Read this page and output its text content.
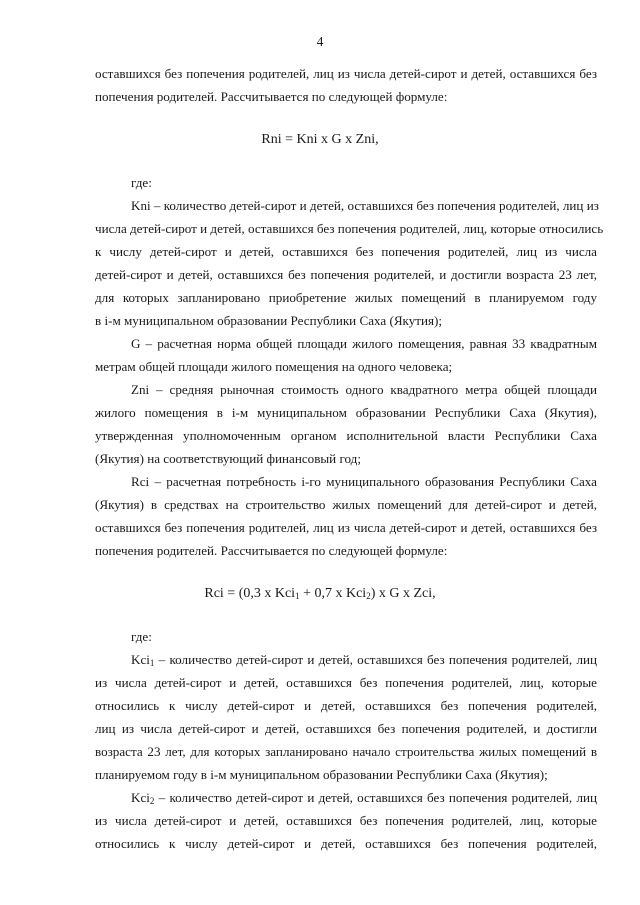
4
оставшихся без попечения родителей, лиц из числа детей-сирот и детей, оставшихся без
попечения родителей. Рассчитывается по следующей формуле:
Rni = Kni x G x Zni,
где:
Kni – количество детей-сирот и детей, оставшихся без попечения родителей, лиц из
числа детей-сирот и детей, оставшихся без попечения родителей, лиц, которые относились
к числу детей-сирот и детей, оставшихся без попечения родителей, лиц из числа
детей-сирот и детей, оставшихся без попечения родителей, и достигли возраста 23 лет,
для которых запланировано приобретение жилых помещений в планируемом году
в i-м муниципальном образовании Республики Саха (Якутия);
G – расчетная норма общей площади жилого помещения, равная 33 квадратным
метрам общей площади жилого помещения на одного человека;
Zni – средняя рыночная стоимость одного квадратного метра общей площади
жилого помещения в i-м муниципальном образовании Республики Саха (Якутия),
утвержденная уполномоченным органом исполнительной власти Республики Саха
(Якутия) на соответствующий финансовый год;
Rci – расчетная потребность i-го муниципального образования Республики Саха
(Якутия) в средствах на строительство жилых помещений для детей-сирот и детей,
оставшихся без попечения родителей, лиц из числа детей-сирот и детей, оставшихся без
попечения родителей. Рассчитывается по следующей формуле:
Rci = (0,3 x Kci$_1$ + 0,7 x Kci$_2$) x G x Zci,
где:
Kci$_1$ – количество детей-сирот и детей, оставшихся без попечения родителей, лиц
из числа детей-сирот и детей, оставшихся без попечения родителей, лиц, которые
относились к числу детей-сирот и детей, оставшихся без попечения родителей,
лиц из числа детей-сирот и детей, оставшихся без попечения родителей, и достигли
возраста 23 лет, для которых запланировано начало строительства жилых помещений в
планируемом году в i-м муниципальном образовании Республики Саха (Якутия);
Kci$_2$ – количество детей-сирот и детей, оставшихся без попечения родителей, лиц
из числа детей-сирот и детей, оставшихся без попечения родителей, лиц, которые
относились к числу детей-сирот и детей, оставшихся без попечения родителей,
